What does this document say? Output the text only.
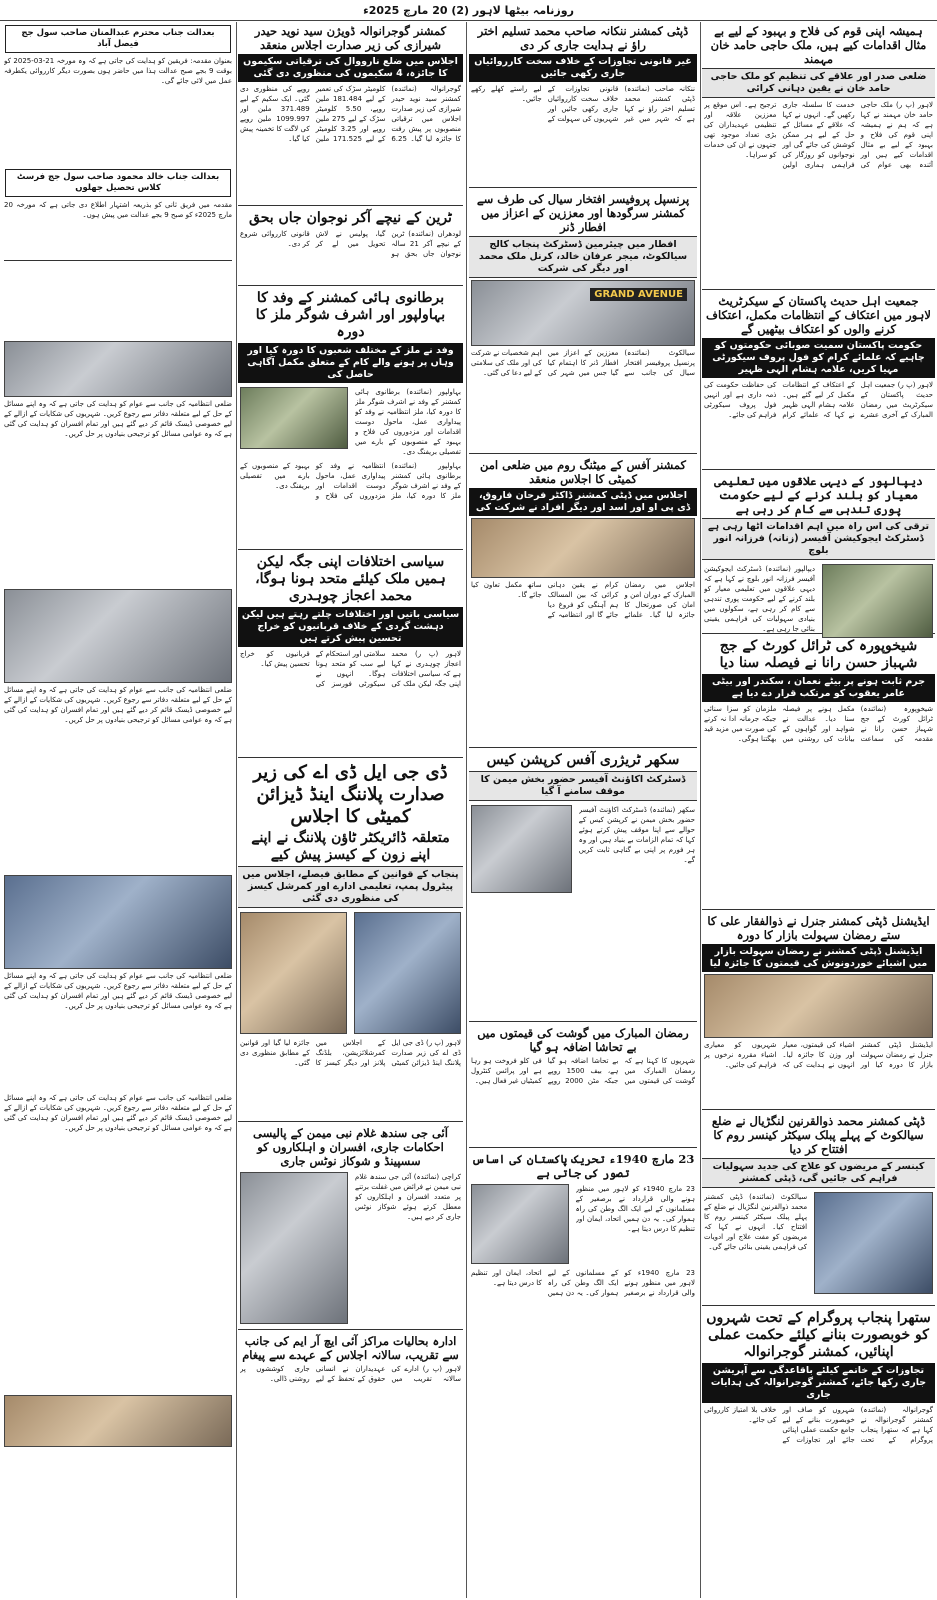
روزنامہ بیٹھا لاہور (2) 20 مارچ 2025ء
ہمیشہ اپنی قوم کی فلاح و بہبود کے لیے بے مثال اقدامات کیے ہیں، ملک حاجی حامد خان مہمند
ضلعی صدر اور علاقے کی تنظیم کو ملک حاجی حامد خان نے یقین دہانی کرائی
لاہور (پ ر) ملک حاجی حامد خان مہمند نے کہا ہے کہ ہم نے ہمیشہ اپنی قوم کی فلاح و بہبود کے لیے بے مثال اقدامات کیے ہیں اور آئندہ بھی عوام کی خدمت کا سلسلہ جاری رکھیں گے۔ انہوں نے کہا کہ علاقے کے مسائل کے حل کے لیے ہر ممکن کوشش کی جائے گی اور نوجوانوں کو روزگار کی فراہمی ہماری اولین ترجیح ہے۔ اس موقع پر معززین علاقہ اور تنظیمی عہدیداران کی بڑی تعداد موجود تھی جنہوں نے ان کی خدمات کو سراہا۔
جمعیت اہل حدیث پاکستان کے سیکرٹریٹ لاہور میں اعتکاف کے انتظامات مکمل، اعتکاف کرنے والوں کو اعتکاف بیٹھیں گے
حکومت پاکستان سمیت صوبائی حکومتوں کو چاہیے کہ علمائے کرام کو فول پروف سیکورٹی مہیا کریں، علامہ ہشام الہی ظہیر
لاہور (پ ر) جمعیت اہل حدیث پاکستان کے سیکرٹریٹ میں رمضان المبارک کے آخری عشرے کے اعتکاف کے انتظامات مکمل کر لیے گئے ہیں۔ علامہ ہشام الہی ظہیر نے کہا کہ علمائے کرام کی حفاظت حکومت کی ذمہ داری ہے اور انہیں فول پروف سیکورٹی فراہم کی جائے۔
دیپالپور کے دیہی علاقوں میں تعلیمی معیار کو بلند کرنے کے لیے حکومت پوری تندہی سے کام کر رہی ہے
ترقی کی اس راہ میں اہم اقدامات اٹھا رہی ہے ڈسٹرکٹ ایجوکیشن آفیسر (زنانہ) فرزانہ انور بلوچ
دیپالپور (نمائندہ) ڈسٹرکٹ ایجوکیشن آفیسر فرزانہ انور بلوچ نے کہا ہے کہ دیہی علاقوں میں تعلیمی معیار کو بلند کرنے کے لیے حکومت پوری تندہی سے کام کر رہی ہے، سکولوں میں بنیادی سہولیات کی فراہمی یقینی بنائی جا رہی ہے۔
شیخوپورہ کی ٹرائل کورٹ کے جج شہباز حسن رانا نے فیصلہ سنا دیا
جرم ثابت ہونے پر بیٹے نعمان ، سکندر اور بیٹی عامر یعقوب کو مرتکب قرار دے دیا ہے
شیخوپورہ (نمائندہ) ٹرائل کورٹ کے جج شہباز حسن رانا نے مقدمہ کی سماعت مکمل ہونے پر فیصلہ سنا دیا۔ عدالت نے شواہد اور گواہوں کے بیانات کی روشنی میں ملزمان کو سزا سنائی جبکہ جرمانہ ادا نہ کرنے کی صورت میں مزید قید بھگتنا ہوگی۔
ایڈیشنل ڈپٹی کمشنر جنرل نے ذوالفقار علی کا ستے رمضان سہولت بازار کا دورہ
ایڈیشنل ڈپٹی کمشنر نے رمضان سہولت بازار میں اشیائے خوردونوش کی قیمتوں کا جائزہ لیا
ایڈیشنل ڈپٹی کمشنر جنرل نے رمضان سہولت بازار کا دورہ کیا اور اشیاء کی قیمتوں، معیار اور وزن کا جائزہ لیا۔ انہوں نے ہدایت کی کہ شہریوں کو معیاری اشیاء مقررہ نرخوں پر فراہم کی جائیں۔
ڈپٹی کمشنر محمد ذوالقرنین لنگڑیال نے ضلع سیالکوٹ کے پہلے پبلک سیکٹر کینسر روم کا افتتاح کر دیا
کینسر کے مریضوں کو علاج کی جدید سہولیات فراہم کی جائیں گی، ڈپٹی کمشنر
سیالکوٹ (نمائندہ) ڈپٹی کمشنر محمد ذوالقرنین لنگڑیال نے ضلع کے پہلے پبلک سیکٹر کینسر روم کا افتتاح کیا۔ انہوں نے کہا کہ مریضوں کو مفت علاج اور ادویات کی فراہمی یقینی بنائی جائے گی۔
ستھرا پنجاب پروگرام کے تحت شہروں کو خوبصورت بنانے کیلئے حکمت عملی اپنائیں، کمشنر گوجرانوالہ
تجاوزات کے خاتمے کیلئے باقاعدگی سے آپریشن جاری رکھا جائے، کمشنر گوجرانوالہ کی ہدایات جاری
گوجرانوالہ (نمائندہ) کمشنر گوجرانوالہ نے کہا ہے کہ ستھرا پنجاب پروگرام کے تحت شہروں کو صاف اور خوبصورت بنانے کے لیے جامع حکمت عملی اپنائی جائے اور تجاوزات کے خلاف بلا امتیاز کارروائی کی جائے۔
ڈپٹی کمشنر ننکانہ صاحب محمد تسلیم اختر راؤ نے ہدایت جاری کر دی
غیر قانونی تجاوزات کے خلاف سخت کارروائیاں جاری رکھی جائیں
ننکانہ صاحب (نمائندہ) ڈپٹی کمشنر محمد تسلیم اختر راؤ نے کہا ہے کہ شہر میں غیر قانونی تجاوزات کے خلاف سخت کارروائیاں جاری رکھی جائیں اور شہریوں کی سہولت کے لیے راستے کھلے رکھے جائیں۔
پرنسپل پروفیسر افتخار سیال کی طرف سے کمشنر سرگودھا اور معززین کے اعزاز میں افطار ڈنر
افطار میں چیئرمین ڈسٹرکٹ پنجاب کالج سیالکوٹ، میجر عرفان خالد، کرنل ملک محمد اور دیگر کی شرکت
GRAND AVENUE
سیالکوٹ (نمائندہ) پرنسپل پروفیسر افتخار سیال کی جانب سے معززین کے اعزاز میں افطار ڈنر کا اہتمام کیا گیا جس میں شہر کی اہم شخصیات نے شرکت کی اور ملک کی سلامتی کے لیے دعا کی گئی۔
کمشنر آفس کے میٹنگ روم میں ضلعی امن کمیٹی کا اجلاس منعقد
اجلاس میں ڈپٹی کمشنر ڈاکٹر فرحان فاروق، ڈی پی او اور اسد اور دیگر افراد نے شرکت کی
اجلاس میں رمضان المبارک کے دوران امن و امان کی صورتحال کا جائزہ لیا گیا۔ علمائے کرام نے یقین دہانی کرائی کہ بین المسالک ہم آہنگی کو فروغ دیا جائے گا اور انتظامیہ کے ساتھ مکمل تعاون کیا جائے گا۔
سکھر ٹریژری آفس کرپشن کیس
ڈسٹرکٹ اکاؤنٹ آفیسر حضور بخش میمن کا موقف سامنے آ گیا
سکھر (نمائندہ) ڈسٹرکٹ اکاؤنٹ آفیسر حضور بخش میمن نے کرپشن کیس کے حوالے سے اپنا موقف پیش کرتے ہوئے کہا کہ تمام الزامات بے بنیاد ہیں اور وہ ہر فورم پر اپنی بے گناہی ثابت کریں گے۔
رمضان المبارک میں گوشت کی قیمتوں میں بے تحاشا اضافہ ہو گیا
شہریوں کا کہنا ہے کہ رمضان المبارک میں گوشت کی قیمتوں میں بے تحاشا اضافہ ہو گیا ہے، بیف 1500 روپے جبکہ مٹن 2000 روپے فی کلو فروخت ہو رہا ہے اور پرائس کنٹرول کمیٹیاں غیر فعال ہیں۔
23 مارچ 1940ء تحریک پاکستان کی اساس تصور کی جاتی ہے
23 مارچ 1940ء کو لاہور میں منظور ہونے والی قرارداد نے برصغیر کے مسلمانوں کے لیے ایک الگ وطن کی راہ ہموار کی۔ یہ دن ہمیں اتحاد، ایمان اور تنظیم کا درس دیتا ہے۔
23 مارچ 1940ء کو لاہور میں منظور ہونے والی قرارداد نے برصغیر کے مسلمانوں کے لیے ایک الگ وطن کی راہ ہموار کی۔ یہ دن ہمیں اتحاد، ایمان اور تنظیم کا درس دیتا ہے۔
کمشنر گوجرانوالہ ڈویژن سید نوید حیدر شیرازی کی زیر صدارت اجلاس منعقد
اجلاس میں ضلع نارووال کی ترقیاتی سکیموں کا جائزہ، 4 سکیموں کی منظوری دی گئی
گوجرانوالہ (نمائندہ) کمشنر سید نوید حیدر شیرازی کی زیر صدارت اجلاس میں ترقیاتی منصوبوں پر پیش رفت کا جائزہ لیا گیا۔ 6.25 کلومیٹر سڑک کی تعمیر کے لیے 181.484 ملین روپے، 5.50 کلومیٹر سڑک کے لیے 275 ملین روپے اور 3.25 کلومیٹر کے لیے 171.525 ملین روپے کی منظوری دی گئی۔ ایک سکیم کے لیے 371.489 ملین اور 1099.997 ملین روپے کی لاگت کا تخمینہ پیش کیا گیا۔
ٹرین کے نیچے آکر نوجوان جاں بحق
لودھراں (نمائندہ) ٹرین کے نیچے آکر 21 سالہ نوجوان جاں بحق ہو گیا، پولیس نے لاش تحویل میں لے کر قانونی کارروائی شروع کر دی۔
برطانوی ہائی کمشنر کے وفد کا بہاولپور اور اشرف شوگر ملز کا دورہ
وفد نے ملز کے مختلف شعبوں کا دورہ کیا اور وہاں پر ہونے والے کام کے متعلق مکمل آگاہی حاصل کی
بہاولپور (نمائندہ) برطانوی ہائی کمشنر کے وفد نے اشرف شوگر ملز کا دورہ کیا، ملز انتظامیہ نے وفد کو پیداواری عمل، ماحول دوست اقدامات اور مزدوروں کی فلاح و بہبود کے منصوبوں کے بارے میں تفصیلی بریفنگ دی۔
بہاولپور (نمائندہ) برطانوی ہائی کمشنر کے وفد نے اشرف شوگر ملز کا دورہ کیا، ملز انتظامیہ نے وفد کو پیداواری عمل، ماحول دوست اقدامات اور مزدوروں کی فلاح و بہبود کے منصوبوں کے بارے میں تفصیلی بریفنگ دی۔
سیاسی اختلافات اپنی جگہ لیکن ہمیں ملک کیلئے متحد ہونا ہوگا، محمد اعجاز چوہدری
سیاسی باتیں اور اختلافات چلتے رہتے ہیں لیکن دہشت گردی کے خلاف قربانیوں کو خراج تحسین پیش کرتے ہیں
لاہور (پ ر) محمد اعجاز چوہدری نے کہا ہے کہ سیاسی اختلافات اپنی جگہ لیکن ملک کی سلامتی اور استحکام کے لیے سب کو متحد ہونا ہوگا۔ انہوں نے سیکورٹی فورسز کی قربانیوں کو خراج تحسین پیش کیا۔
ڈی جی ایل ڈی اے کی زیر صدارت پلاننگ اینڈ ڈیزائن کمیٹی کا اجلاس
متعلقہ ڈائریکٹر ٹاؤن پلاننگ نے اپنے اپنے زون کے کیسز پیش کیے
پنجاب کے قوانین کے مطابق فیصلے، اجلاس میں پیٹرول پمپ، تعلیمی ادارے اور کمرشل کیسز کی منظوری دی گئی
لاہور (پ ر) ڈی جی ایل ڈی اے کی زیر صدارت پلاننگ اینڈ ڈیزائن کمیٹی کے اجلاس میں کمرشلائزیشن، بلڈنگ پلانز اور دیگر کیسز کا جائزہ لیا گیا اور قوانین کے مطابق منظوری دی گئی۔
آئی جی سندھ غلام نبی میمن کے پالیسی احکامات جاری، افسران و اہلکاروں کو سسپینڈ و شوکاز نوٹس جاری
کراچی (نمائندہ) آئی جی سندھ غلام نبی میمن نے فرائض میں غفلت برتنے پر متعدد افسران و اہلکاروں کو معطل کرتے ہوئے شوکاز نوٹس جاری کر دیے ہیں۔
ادارہ بحالیات مراکز آئی ایچ آر ایم کی جانب سے تقریب، سالانہ اجلاس کے عہدے سے پیغام
لاہور (پ ر) ادارے کی سالانہ تقریب میں عہدیداران نے انسانی حقوق کے تحفظ کے لیے جاری کوششوں پر روشنی ڈالی۔
بعدالت جناب محترم عبدالمنان صاحب سول جج فیصل آباد
بعنوان مقدمہ: فریقین کو ہدایت کی جاتی ہے کہ وہ مورخہ 21-03-2025 کو بوقت 9 بجے صبح عدالت ہذا میں حاضر ہوں بصورت دیگر کارروائی یکطرفہ عمل میں لائی جائے گی۔
بعدالت جناب خالد محمود صاحب سول جج فرسٹ کلاس تحصیل جھلوں
مقدمہ میں فریق ثانی کو بذریعہ اشتہار اطلاع دی جاتی ہے کہ مورخہ 20 مارچ 2025ء کو صبح 9 بجے عدالت میں پیش ہوں۔
ضلعی انتظامیہ کی جانب سے عوام کو ہدایت کی جاتی ہے کہ وہ اپنے مسائل کے حل کے لیے متعلقہ دفاتر سے رجوع کریں۔ شہریوں کی شکایات کے ازالے کے لیے خصوصی ڈیسک قائم کر دیے گئے ہیں اور تمام افسران کو ہدایت کی گئی ہے کہ وہ عوامی مسائل کو ترجیحی بنیادوں پر حل کریں۔
ضلعی انتظامیہ کی جانب سے عوام کو ہدایت کی جاتی ہے کہ وہ اپنے مسائل کے حل کے لیے متعلقہ دفاتر سے رجوع کریں۔ شہریوں کی شکایات کے ازالے کے لیے خصوصی ڈیسک قائم کر دیے گئے ہیں اور تمام افسران کو ہدایت کی گئی ہے کہ وہ عوامی مسائل کو ترجیحی بنیادوں پر حل کریں۔
ضلعی انتظامیہ کی جانب سے عوام کو ہدایت کی جاتی ہے کہ وہ اپنے مسائل کے حل کے لیے متعلقہ دفاتر سے رجوع کریں۔ شہریوں کی شکایات کے ازالے کے لیے خصوصی ڈیسک قائم کر دیے گئے ہیں اور تمام افسران کو ہدایت کی گئی ہے کہ وہ عوامی مسائل کو ترجیحی بنیادوں پر حل کریں۔
ضلعی انتظامیہ کی جانب سے عوام کو ہدایت کی جاتی ہے کہ وہ اپنے مسائل کے حل کے لیے متعلقہ دفاتر سے رجوع کریں۔ شہریوں کی شکایات کے ازالے کے لیے خصوصی ڈیسک قائم کر دیے گئے ہیں اور تمام افسران کو ہدایت کی گئی ہے کہ وہ عوامی مسائل کو ترجیحی بنیادوں پر حل کریں۔
